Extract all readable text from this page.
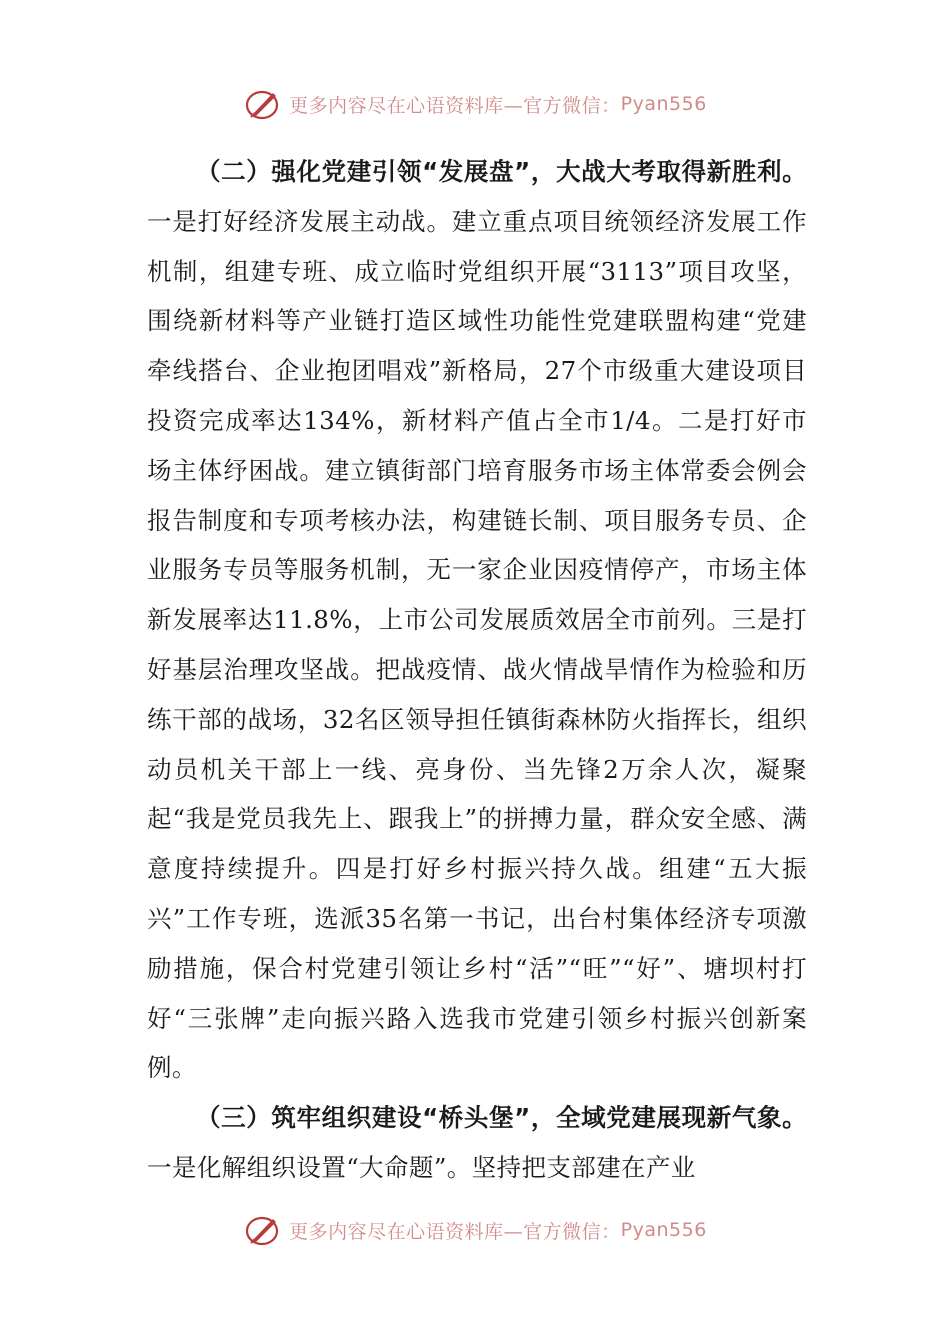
更多内容尽在心语资料库—官方微信： Pyan556

（二）强化党建引领“发展盘”，大战大考取得新胜利。一是打好经济发展主动战。建立重点项目统领经济发展工作机制，组建专班、成立临时党组织开展“3113”项目攻坚，围绕新材料等产业链打造区域性功能性党建联盟构建“党建牵线搭台、企业抱团唱戏”新格局，27个市级重大建设项目投资完成率达134%，新材料产值占全市1/4。二是打好市场主体纾困战。建立镇街部门培育服务市场主体常委会例会报告制度和专项考核办法，构建链长制、项目服务专员、企业服务专员等服务机制，无一家企业因疫情停产，市场主体新发展率达11.8%，上市公司发展质效居全市前列。三是打好基层治理攻坚战。把战疫情、战火情战旱情作为检验和历练干部的战场，32名区领导担任镇街森林防火指挥长，组织动员机关干部上一线、亮身份、当先锋2万余人次，凝聚起“我是党员我先上、跟我上”的拼搏力量，群众安全感、满意度持续提升。四是打好乡村振兴持久战。组建“五大振兴”工作专班，选派35名第一书记，出台村集体经济专项激励措施，保合村党建引领让乡村“活”“旺”“好”、塘坝村打好“三张牌”走向振兴路入选我市党建引领乡村振兴创新案例。

（三）筑牢组织建设“桥头堡”，全域党建展现新气象。一是化解组织设置“大命题”。坚持把支部建在产业

更多内容尽在心语资料库—官方微信： Pyan556
